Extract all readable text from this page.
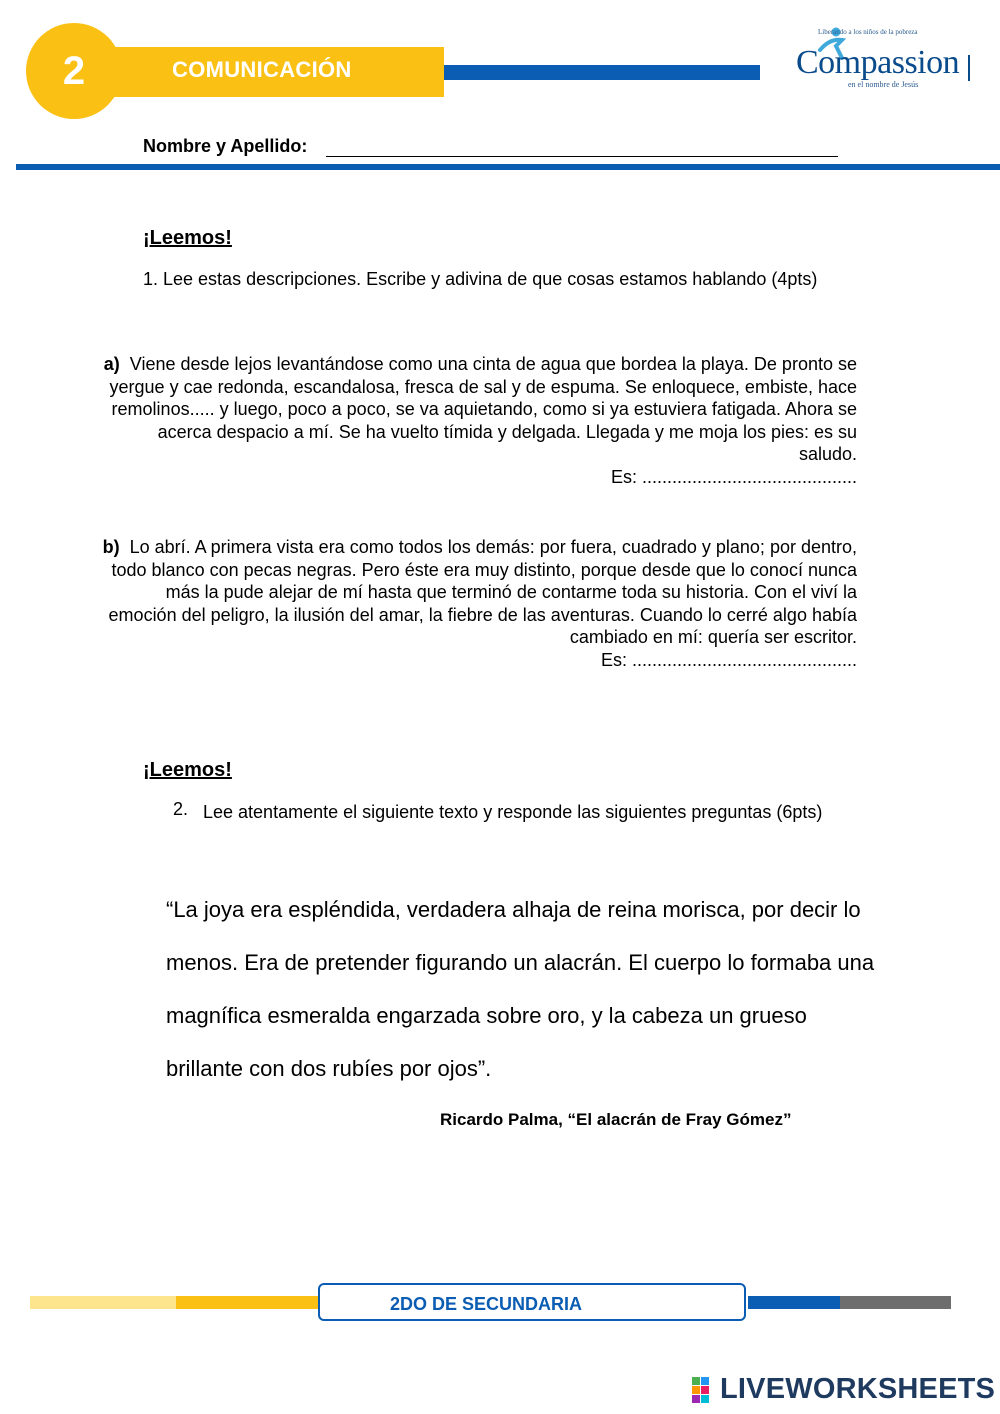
2	COMUNICACIÓN
Liberando a los niños de la pobreza
Compassion
en el nombre de Jesús
Nombre y Apellido:
¡Leemos!

1. Lee estas descripciones. Escribe y adivina de que cosas estamos hablando (4pts)

a) Viene desde lejos levantándose como una cinta de agua que bordea la playa. De pronto se yergue y cae redonda, escandalosa, fresca de sal y de espuma. Se enloquece, embiste, hace remolinos..... y luego, poco a poco, se va aquietando, como si ya estuviera fatigada. Ahora se acerca despacio a mí. Se ha vuelto tímida y delgada. Llegada y me moja los pies: es su saludo.
Es: ...........................................
b) Lo abrí. A primera vista era como todos los demás: por fuera, cuadrado y plano; por dentro, todo blanco con pecas negras. Pero éste era muy distinto, porque desde que lo conocí nunca más la pude alejar de mí hasta que terminó de contarme toda su historia. Con el viví la emoción del peligro, la ilusión del amar, la fiebre de las aventuras. Cuando lo cerré algo había cambiado en mí: quería ser escritor.
Es: .............................................
¡Leemos!
2. Lee atentamente el siguiente texto y responde las siguientes preguntas (6pts)

“La joya era espléndida, verdadera alhaja de reina morisca, por decir lo menos. Era de pretender figurando un alacrán. El cuerpo lo formaba una magnífica esmeralda engarzada sobre oro, y la cabeza un grueso brillante con dos rubíes por ojos”.

Ricardo Palma, “El alacrán de Fray Gómez”
2DO DE SECUNDARIA
LIVEWORKSHEETS
